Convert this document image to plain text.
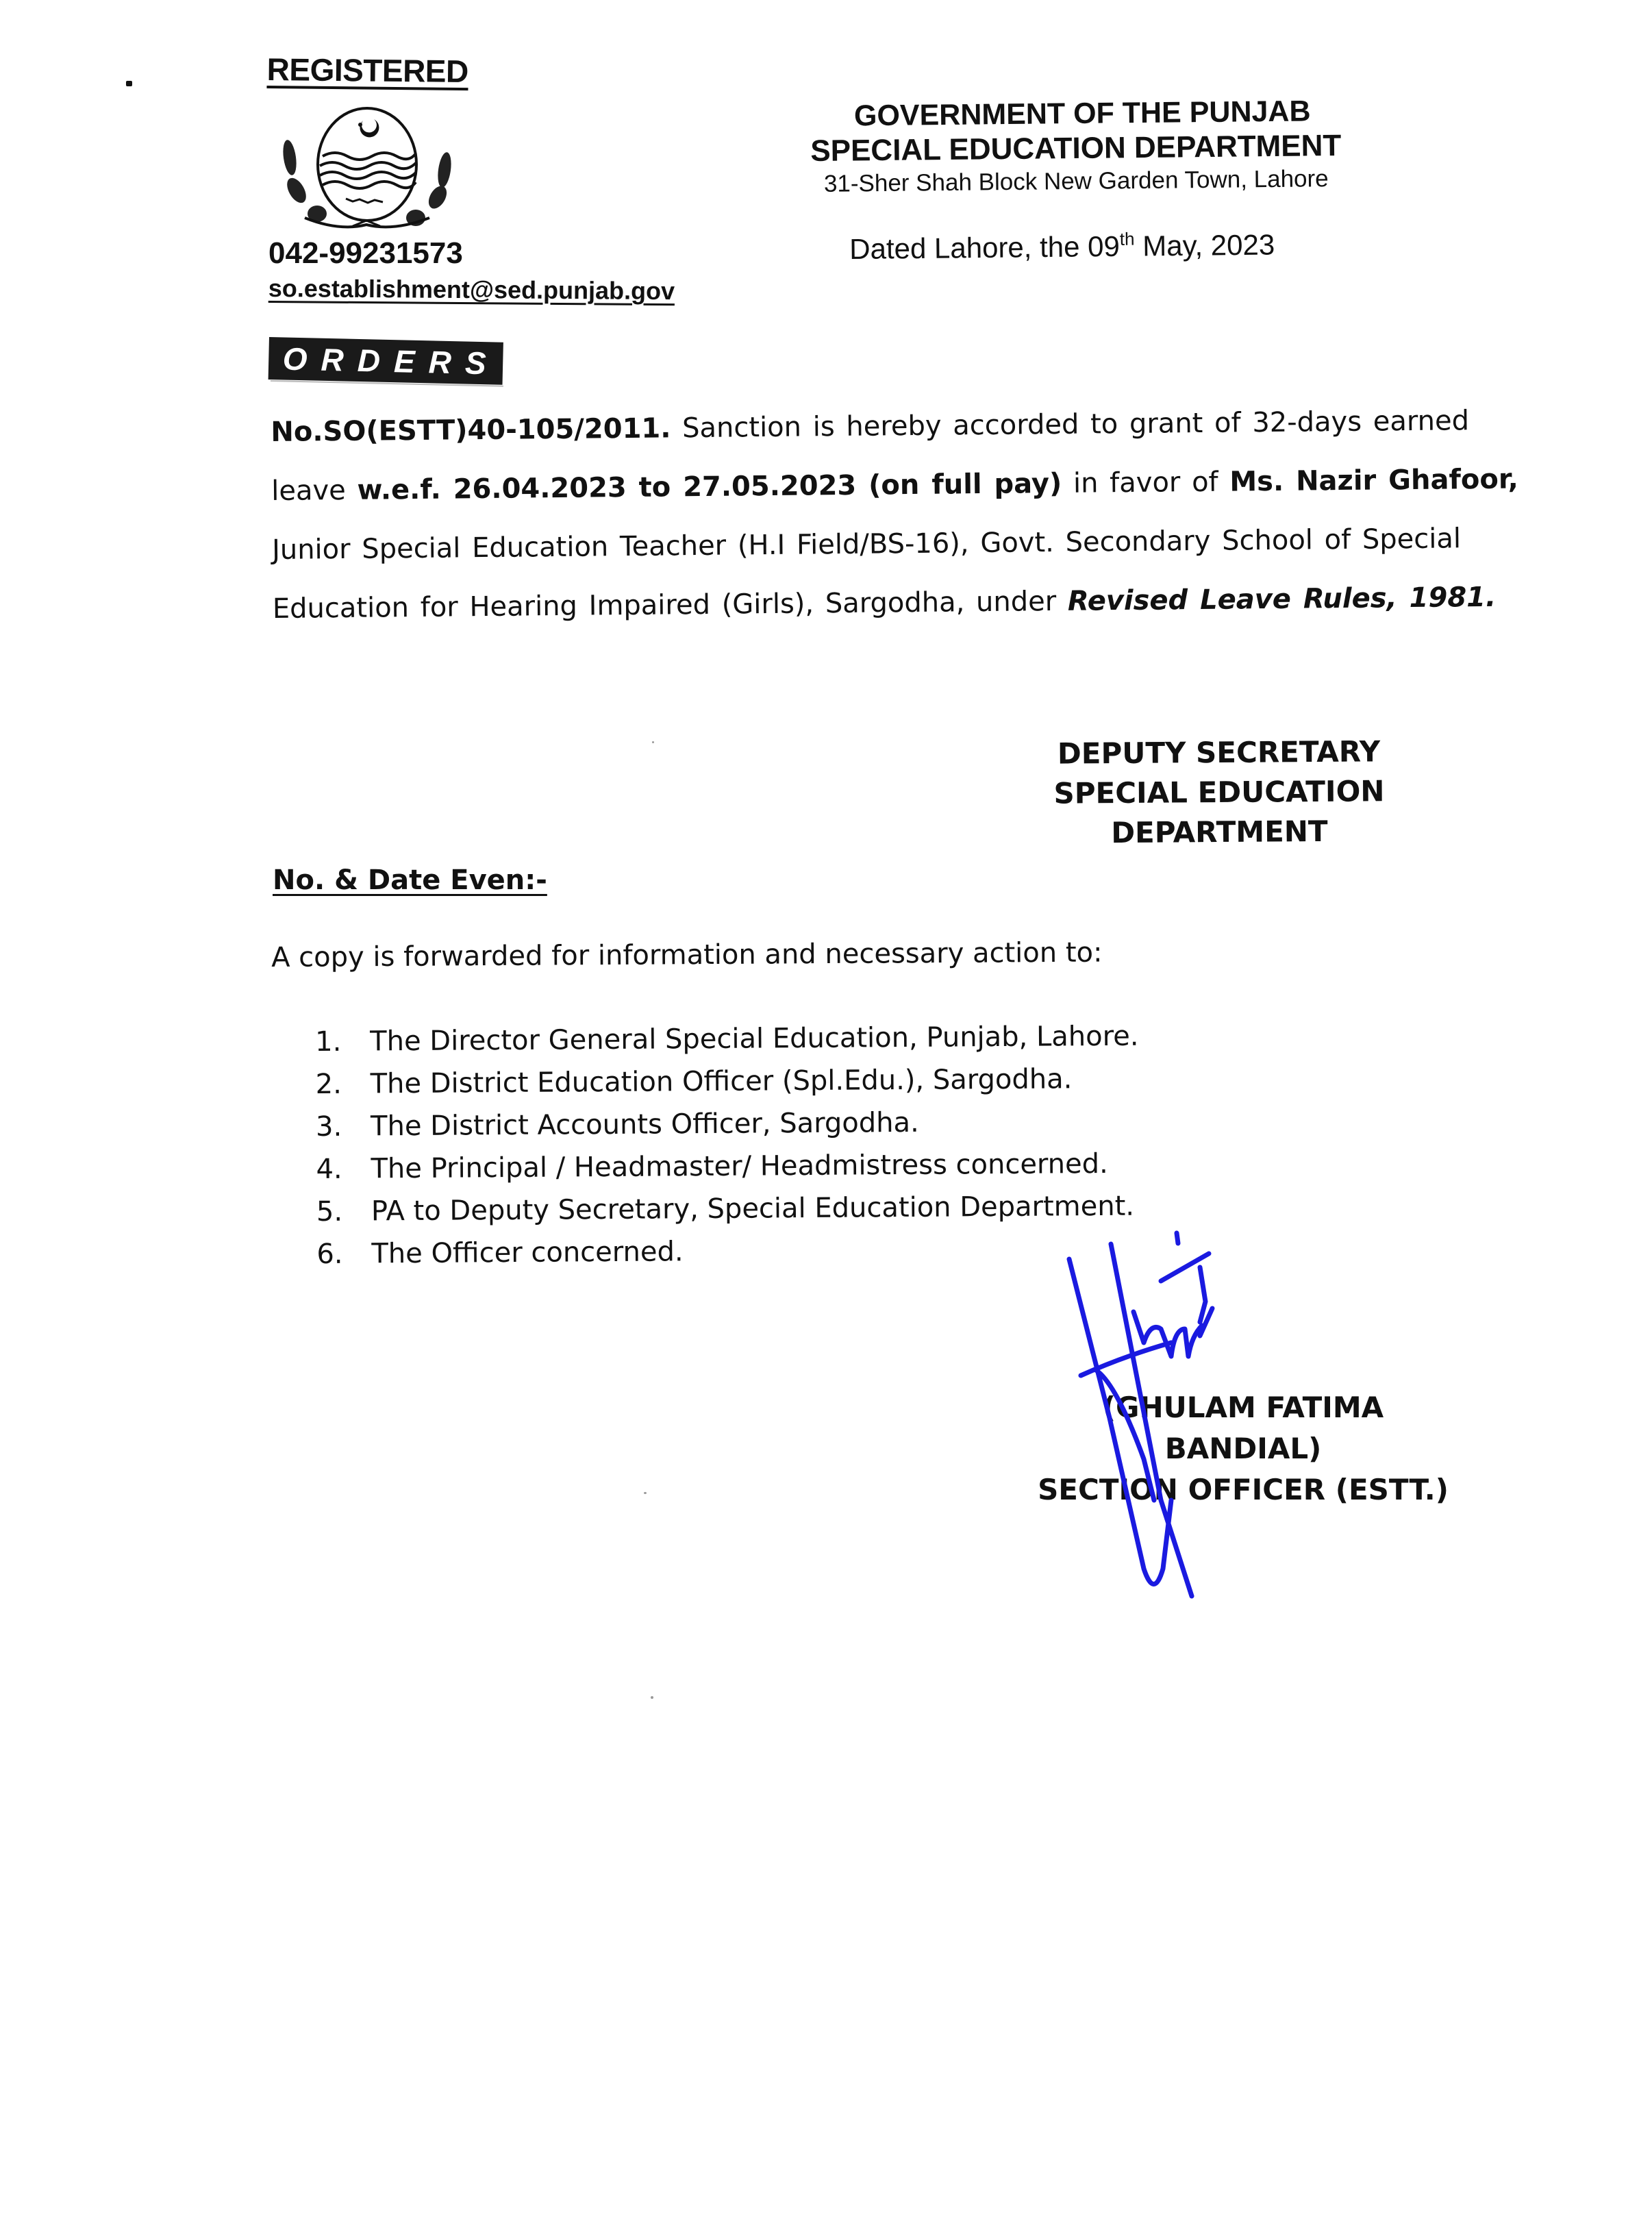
REGISTERED
042-99231573
so.establishment@sed.punjab.gov
GOVERNMENT OF THE PUNJAB
SPECIAL EDUCATION DEPARTMENT
31-Sher Shah Block New Garden Town, Lahore
Dated Lahore, the 09th May, 2023
ORDERS
No.SO(ESTT)40-105/2011. Sanction is hereby accorded to grant of 32-days earned
leave w.e.f. 26.04.2023 to 27.05.2023 (on full pay) in favor of Ms. Nazir Ghafoor,
Junior Special Education Teacher (H.I Field/BS-16), Govt. Secondary School of Special
Education for Hearing Impaired (Girls), Sargodha, under Revised Leave Rules, 1981.
DEPUTY SECRETARY
SPECIAL EDUCATION
DEPARTMENT
No. & Date Even:-
A copy is forwarded for information and necessary action to:
1.	The Director General Special Education, Punjab, Lahore.
2.	The District Education Officer (Spl.Edu.), Sargodha.
3.	The District Accounts Officer, Sargodha.
4.	The Principal / Headmaster/ Headmistress concerned.
5.	PA to Deputy Secretary, Special Education Department.
6.	The Officer concerned.
(GHULAM FATIMA BANDIAL)
SECTION OFFICER (ESTT.)
